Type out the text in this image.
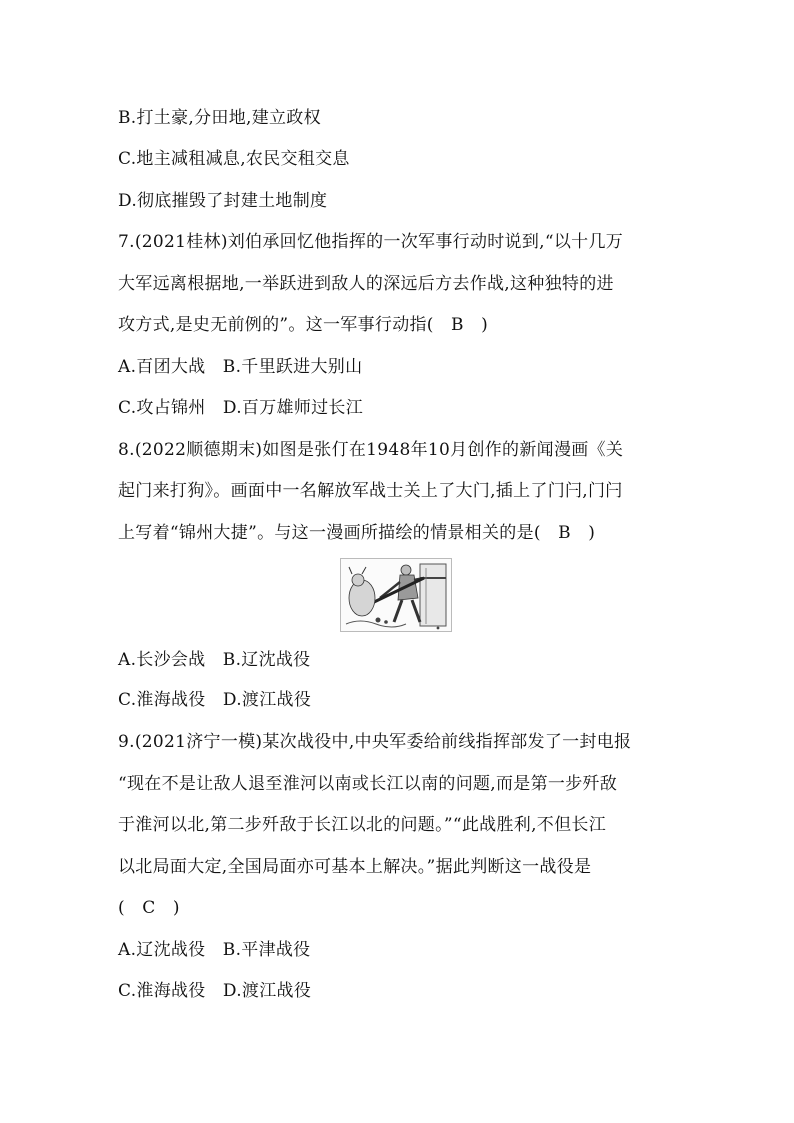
B.打土豪,分田地,建立政权
C.地主减租减息,农民交租交息
D.彻底摧毁了封建土地制度
7.(2021桂林)刘伯承回忆他指挥的一次军事行动时说到,“以十几万
大军远离根据地,一举跃进到敌人的深远后方去作战,这种独特的进
攻方式,是史无前例的”。这一军事行动指(　B　)
A.百团大战　B.千里跃进大别山
C.攻占锦州　D.百万雄师过长江
8.(2022顺德期末)如图是张仃在1948年10月创作的新闻漫画《关
起门来打狗》。画面中一名解放军战士关上了大门,插上了门闩,门闩
上写着“锦州大捷”。与这一漫画所描绘的情景相关的是(　B　)
A.长沙会战　B.辽沈战役
C.淮海战役　D.渡江战役
9.(2021济宁一模)某次战役中,中央军委给前线指挥部发了一封电报
“现在不是让敌人退至淮河以南或长江以南的问题,而是第一步歼敌
于淮河以北,第二步歼敌于长江以北的问题。”“此战胜利,不但长江
以北局面大定,全国局面亦可基本上解决。”据此判断这一战役是
(　C　)
A.辽沈战役　B.平津战役
C.淮海战役　D.渡江战役
